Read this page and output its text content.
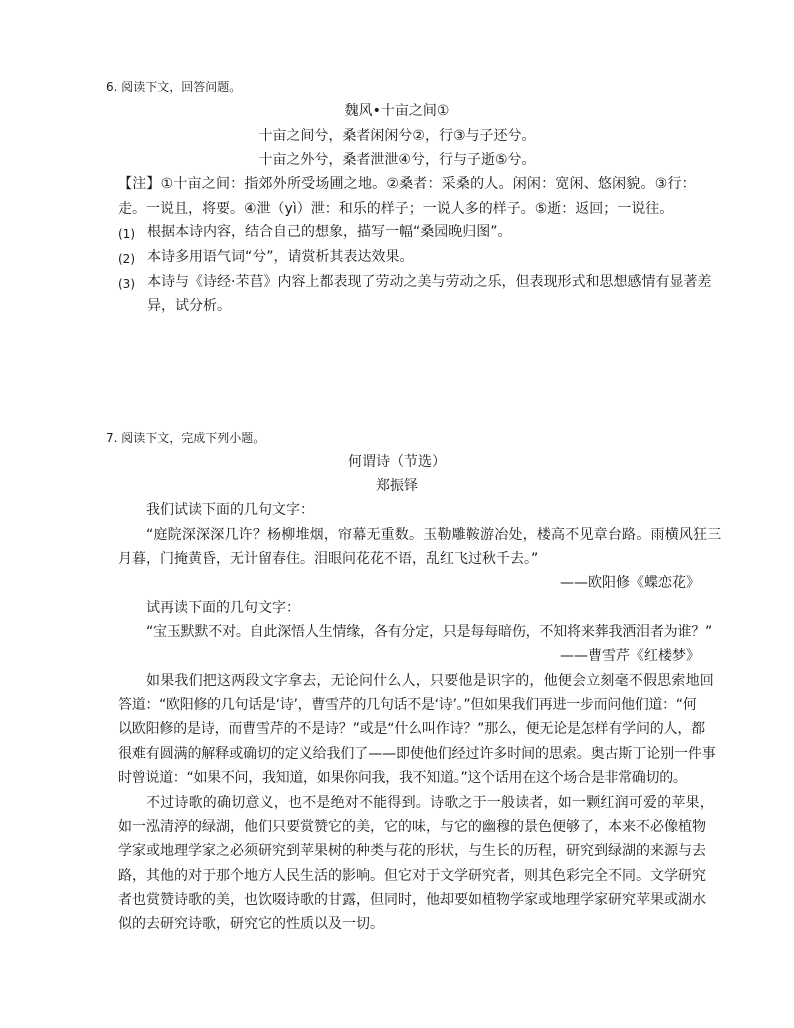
6. 阅读下文，回答问题。
魏风•十亩之间①
十亩之间兮，桑者闲闲兮②，行③与子还兮。
十亩之外兮，桑者泄泄④兮，行与子逝⑤兮。
【注】①十亩之间：指郊外所受场圃之地。②桑者：采桑的人。闲闲：宽闲、悠闲貌。③行：
走。一说且，将要。④泄（yì）泄：和乐的样子；一说人多的样子。⑤逝：返回；一说往。
(1) 根据本诗内容，结合自己的想象，描写一幅“桑园晚归图”。
(2) 本诗多用语气词“兮”，请赏析其表达效果。
(3) 本诗与《诗经·芣苢》内容上都表现了劳动之美与劳动之乐，但表现形式和思想感情有显著差
异，试分析。
7. 阅读下文，完成下列小题。
何谓诗（节选）
郑振铎
我们试读下面的几句文字：
“庭院深深深几许？杨柳堆烟，帘幕无重数。玉勒雕鞍游冶处，楼高不见章台路。雨横风狂三
月暮，门掩黄昏，无计留春住。泪眼问花花不语，乱红飞过秋千去。”
——欧阳修《蝶恋花》
试再读下面的几句文字：
“宝玉默默不对。自此深悟人生情缘，各有分定，只是每每暗伤，不知将来葬我洒泪者为谁？”
——曹雪芹《红楼梦》
如果我们把这两段文字拿去，无论问什么人，只要他是识字的，他便会立刻毫不假思索地回
答道：“欧阳修的几句话是‘诗’，曹雪芹的几句话不是‘诗’。”但如果我们再进一步而问他们道：“何
以欧阳修的是诗，而曹雪芹的不是诗？”或是“什么叫作诗？”那么，便无论是怎样有学问的人，都
很难有圆满的解释或确切的定义给我们了——即使他们经过许多时间的思索。奥古斯丁论别一件事
时曾说道：“如果不问，我知道，如果你问我，我不知道。”这个话用在这个场合是非常确切的。
不过诗歌的确切意义，也不是绝对不能得到。诗歌之于一般读者，如一颗红润可爱的苹果，
如一泓清渟的绿湖，他们只要赏赞它的美，它的味，与它的幽穆的景色便够了，本来不必像植物
学家或地理学家之必须研究到苹果树的种类与花的形状，与生长的历程，研究到绿湖的来源与去
路，其他的对于那个地方人民生活的影响。但它对于文学研究者，则其色彩完全不同。文学研究
者也赏赞诗歌的美，也饮啜诗歌的甘露，但同时，他却要如植物学家或地理学家研究苹果或湖水
似的去研究诗歌，研究它的性质以及一切。
